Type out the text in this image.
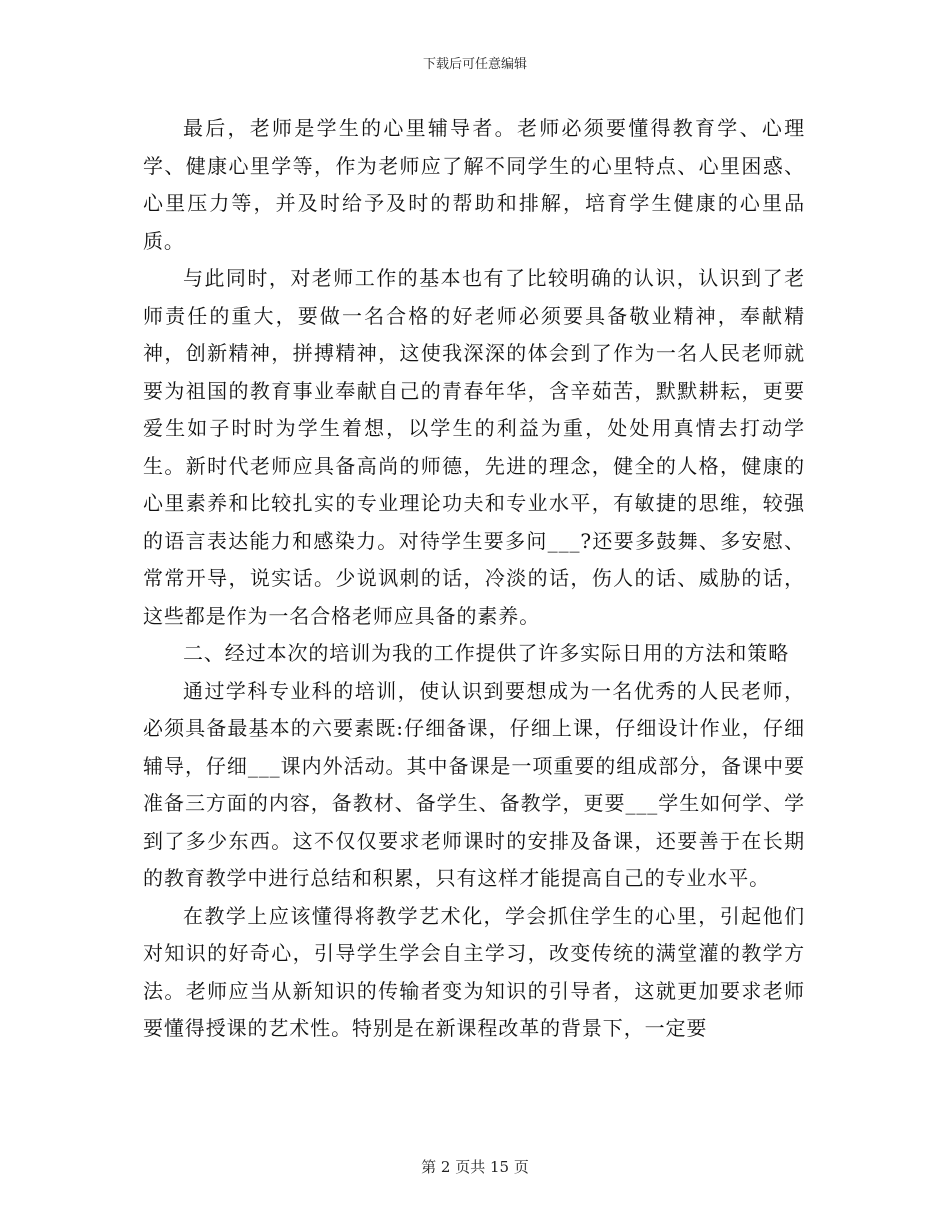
下载后可任意编辑

最后，老师是学生的心里辅导者。老师必须要懂得教育学、心理学、健康心里学等，作为老师应了解不同学生的心里特点、心里困惑、心里压力等，并及时给予及时的帮助和排解，培育学生健康的心里品质。

与此同时，对老师工作的基本也有了比较明确的认识，认识到了老师责任的重大，要做一名合格的好老师必须要具备敬业精神，奉献精神，创新精神，拼搏精神，这使我深深的体会到了作为一名人民老师就要为祖国的教育事业奉献自己的青春年华，含辛茹苦，默默耕耘，更要爱生如子时时为学生着想，以学生的利益为重，处处用真情去打动学生。新时代老师应具备高尚的师德，先进的理念，健全的人格，健康的心里素养和比较扎实的专业理论功夫和专业水平，有敏捷的思维，较强的语言表达能力和感染力。对待学生要多问___?还要多鼓舞、多安慰、常常开导，说实话。少说讽刺的话，冷淡的话，伤人的话、威胁的话，这些都是作为一名合格老师应具备的素养。

二、经过本次的培训为我的工作提供了许多实际日用的方法和策略

通过学科专业科的培训，使认识到要想成为一名优秀的人民老师，必须具备最基本的六要素既:仔细备课，仔细上课，仔细设计作业，仔细辅导，仔细___课内外活动。其中备课是一项重要的组成部分，备课中要准备三方面的内容，备教材、备学生、备教学，更要___学生如何学、学到了多少东西。这不仅仅要求老师课时的安排及备课，还要善于在长期的教育教学中进行总结和积累，只有这样才能提高自己的专业水平。

在教学上应该懂得将教学艺术化，学会抓住学生的心里，引起他们对知识的好奇心，引导学生学会自主学习，改变传统的满堂灌的教学方法。老师应当从新知识的传输者变为知识的引导者，这就更加要求老师要懂得授课的艺术性。特别是在新课程改革的背景下，一定要

第 2 页共 15 页
